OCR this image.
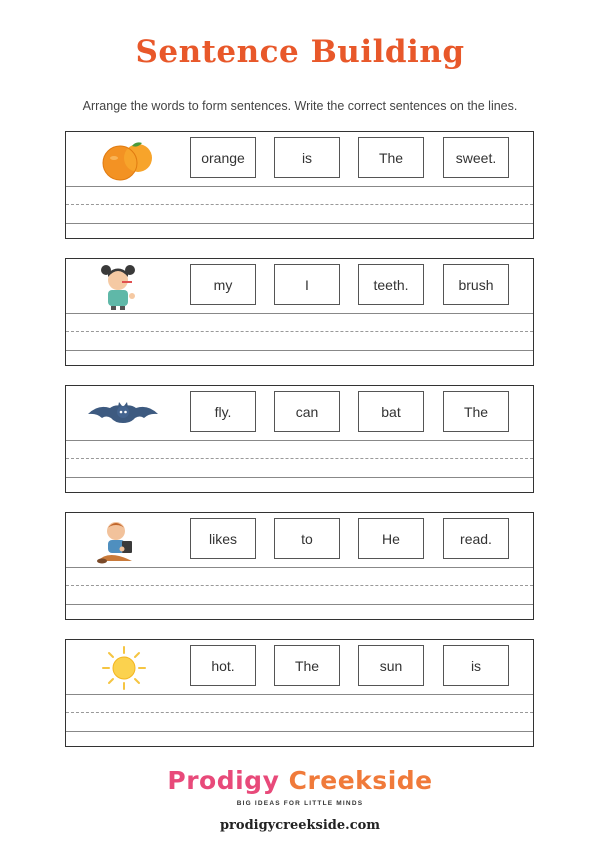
Sentence Building
Arrange the words to form sentences. Write the correct sentences on the lines.
orange	is	The	sweet.
my	I	teeth.	brush
fly.	can	bat	The
likes	to	He	read.
hot.	The	sun	is
Prodigy Creekside
BIG IDEAS FOR LITTLE MINDS
prodigycreekside.com
